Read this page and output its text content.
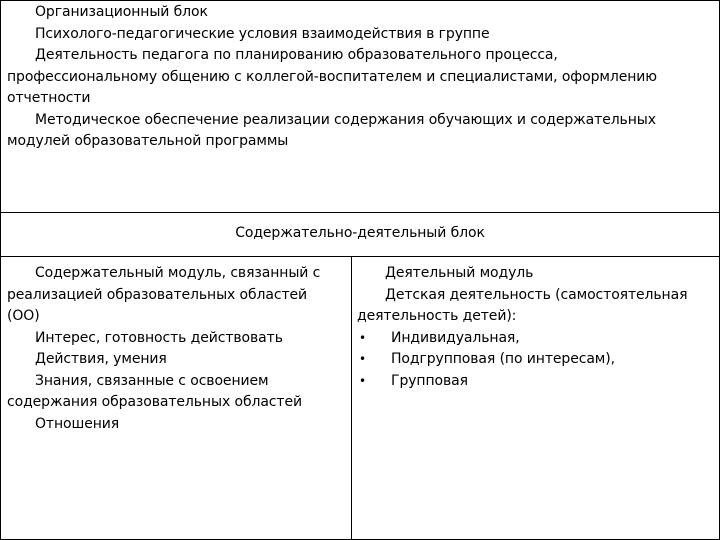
Организационный блок

Психолого-педагогические условия взаимодействия в группе

Деятельность педагога по планированию образовательного процесса,

профессиональному общению с коллегой-воспитателем и специалистами, оформлению

отчетности

Методическое обеспечение реализации содержания обучающих и содержательных

модулей образовательной программы

Содержательно-деятельный блок

Содержательный модуль, связанный с

реализацией образовательных областей

(ОО)

Интерес, готовность действовать

Действия, умения

Знания, связанные с освоением

содержания образовательных областей

Отношения

Деятельный модуль

Детская деятельность (самостоятельная

деятельность детей):

•	Индивидуальная,
•	Подгрупповая (по интересам),
•	Групповая
